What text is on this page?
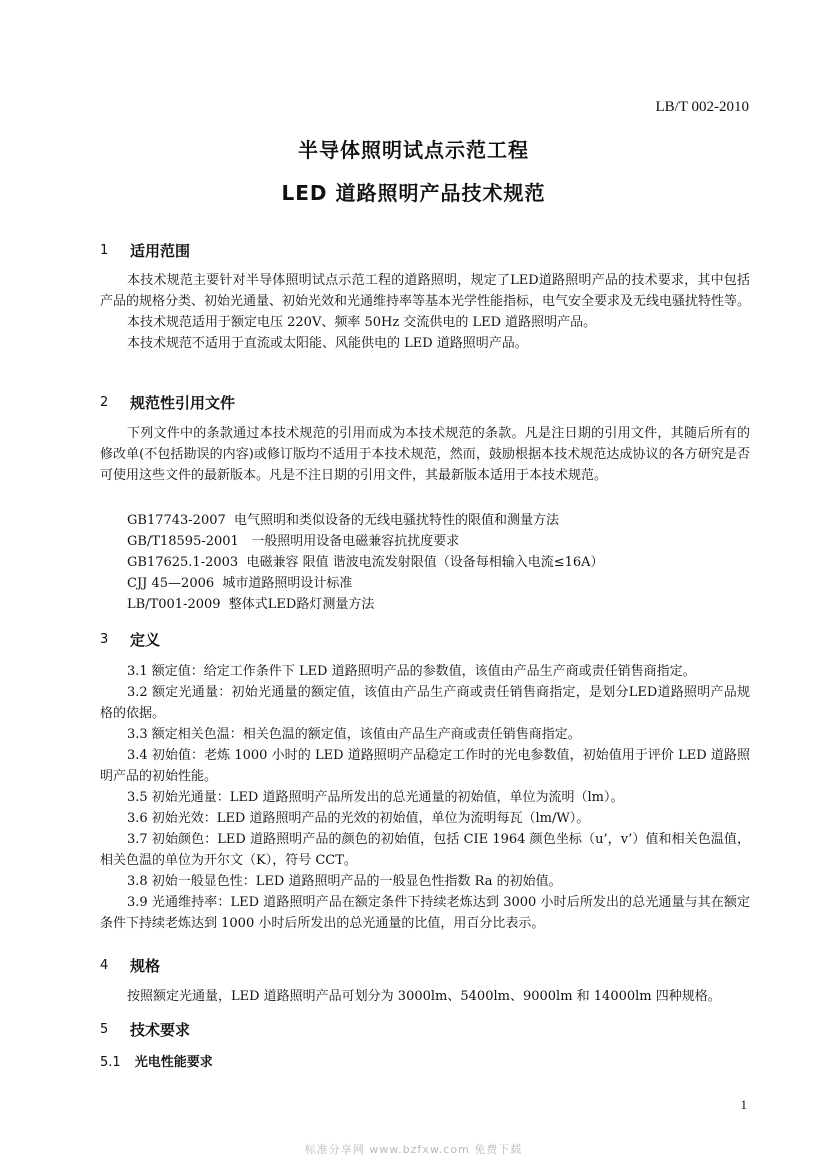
LB/T 002-2010
半导体照明试点示范工程
LED 道路照明产品技术规范
1 适用范围

本技术规范主要针对半导体照明试点示范工程的道路照明，规定了LED道路照明产品的技术要求，其中包括产品的规格分类、初始光通量、初始光效和光通维持率等基本光学性能指标，电气安全要求及无线电骚扰特性等。

本技术规范适用于额定电压 220V、频率 50Hz 交流供电的 LED 道路照明产品。

本技术规范不适用于直流或太阳能、风能供电的 LED 道路照明产品。

2 规范性引用文件

下列文件中的条款通过本技术规范的引用而成为本技术规范的条款。凡是注日期的引用文件，其随后所有的修改单(不包括勘误的内容)或修订版均不适用于本技术规范，然而，鼓励根据本技术规范达成协议的各方研究是否可使用这些文件的最新版本。凡是不注日期的引用文件，其最新版本适用于本技术规范。

GB17743-2007  电气照明和类似设备的无线电骚扰特性的限值和测量方法
GB/T18595-2001   一般照明用设备电磁兼容抗扰度要求
GB17625.1-2003  电磁兼容 限值 谐波电流发射限值（设备每相输入电流≤16A）
CJJ 45—2006  城市道路照明设计标准
LB/T001-2009  整体式LED路灯测量方法
3 定义

3.1 额定值：给定工作条件下 LED 道路照明产品的参数值，该值由产品生产商或责任销售商指定。

3.2 额定光通量：初始光通量的额定值，该值由产品生产商或责任销售商指定，是划分LED道路照明产品规格的依据。

3.3 额定相关色温：相关色温的额定值，该值由产品生产商或责任销售商指定。

3.4 初始值：老炼 1000 小时的 LED 道路照明产品稳定工作时的光电参数值，初始值用于评价 LED 道路照明产品的初始性能。

3.5 初始光通量：LED 道路照明产品所发出的总光通量的初始值，单位为流明（lm）。

3.6 初始光效：LED 道路照明产品的光效的初始值，单位为流明每瓦（lm/W）。

3.7 初始颜色：LED 道路照明产品的颜色的初始值，包括 CIE 1964 颜色坐标（u’，v’）值和相关色温值，相关色温的单位为开尔文（K），符号 CCT。

3.8 初始一般显色性：LED 道路照明产品的一般显色性指数 Ra 的初始值。

3.9 光通维持率：LED 道路照明产品在额定条件下持续老炼达到 3000 小时后所发出的总光通量与其在额定条件下持续老炼达到 1000 小时后所发出的总光通量的比值，用百分比表示。

4 规格

按照额定光通量，LED 道路照明产品可划分为 3000lm、5400lm、9000lm 和 14000lm 四种规格。

5 技术要求
5.1 光电性能要求
1
标准分享网 www.bzfxw.com 免费下载
